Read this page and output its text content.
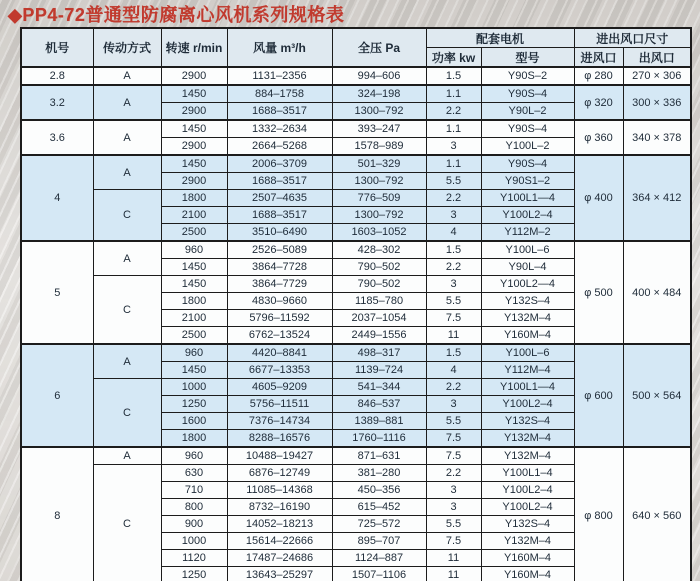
◆PP4-72普通型防腐离心风机系列规格表
机号	传动方式	转速 r/min	风量 m³/h	全压 Pa	配套电机		进出风口尺寸	
					功率 kw	型号	进风口	出风口
2.8	A	2900	1131–2356	994–606	1.5	Y90S–2	φ 280	270 × 306
3.2	A	1450	884–1758	324–198	1.1	Y90S–4	φ 320	300 × 336
		2900	1688–3517	1300–792	2.2	Y90L–2		
3.6	A	1450	1332–2634	393–247	1.1	Y90S–4	φ 360	340 × 378
		2900	2664–5268	1578–989	3	Y100L–2		
4	A	1450	2006–3709	501–329	1.1	Y90S–4	φ 400	364 × 412
		2900	1688–3517	1300–792	5.5	Y90S1–2		
	C	1800	2507–4635	776–509	2.2	Y100L1—4		
		2100	1688–3517	1300–792	3	Y100L2–4		
		2500	3510–6490	1603–1052	4	Y112M–2		
5	A	960	2526–5089	428–302	1.5	Y100L–6	φ 500	400 × 484
		1450	3864–7728	790–502	2.2	Y90L–4		
	C	1450	3864–7729	790–502	3	Y100L2—4		
		1800	4830–9660	1185–780	5.5	Y132S–4		
		2100	5796–11592	2037–1054	7.5	Y132M–4		
		2500	6762–13524	2449–1556	11	Y160M–4		
6	A	960	4420–8841	498–317	1.5	Y100L–6	φ 600	500 × 564
		1450	6677–13353	1139–724	4	Y112M–4		
	C	1000	4605–9209	541–344	2.2	Y100L1—4		
		1250	5756–11511	846–537	3	Y100L2–4		
		1600	7376–14734	1389–881	5.5	Y132S–4		
		1800	8288–16576	1760–1116	7.5	Y132M–4		
8	A	960	10488–19427	871–631	7.5	Y132M–4	φ 800	640 × 560
	C	630	6876–12749	381–280	2.2	Y100L1–4		
		710	11085–14368	450–356	3	Y100L2–4		
		800	8732–16190	615–452	3	Y100L2–4		
		900	14052–18213	725–572	5.5	Y132S–4		
		1000	15614–22666	895–707	7.5	Y132M–4		
		1120	17487–24686	1124–887	11	Y160M–4		
		1250	13643–25297	1507–1106	11	Y160M–4		
